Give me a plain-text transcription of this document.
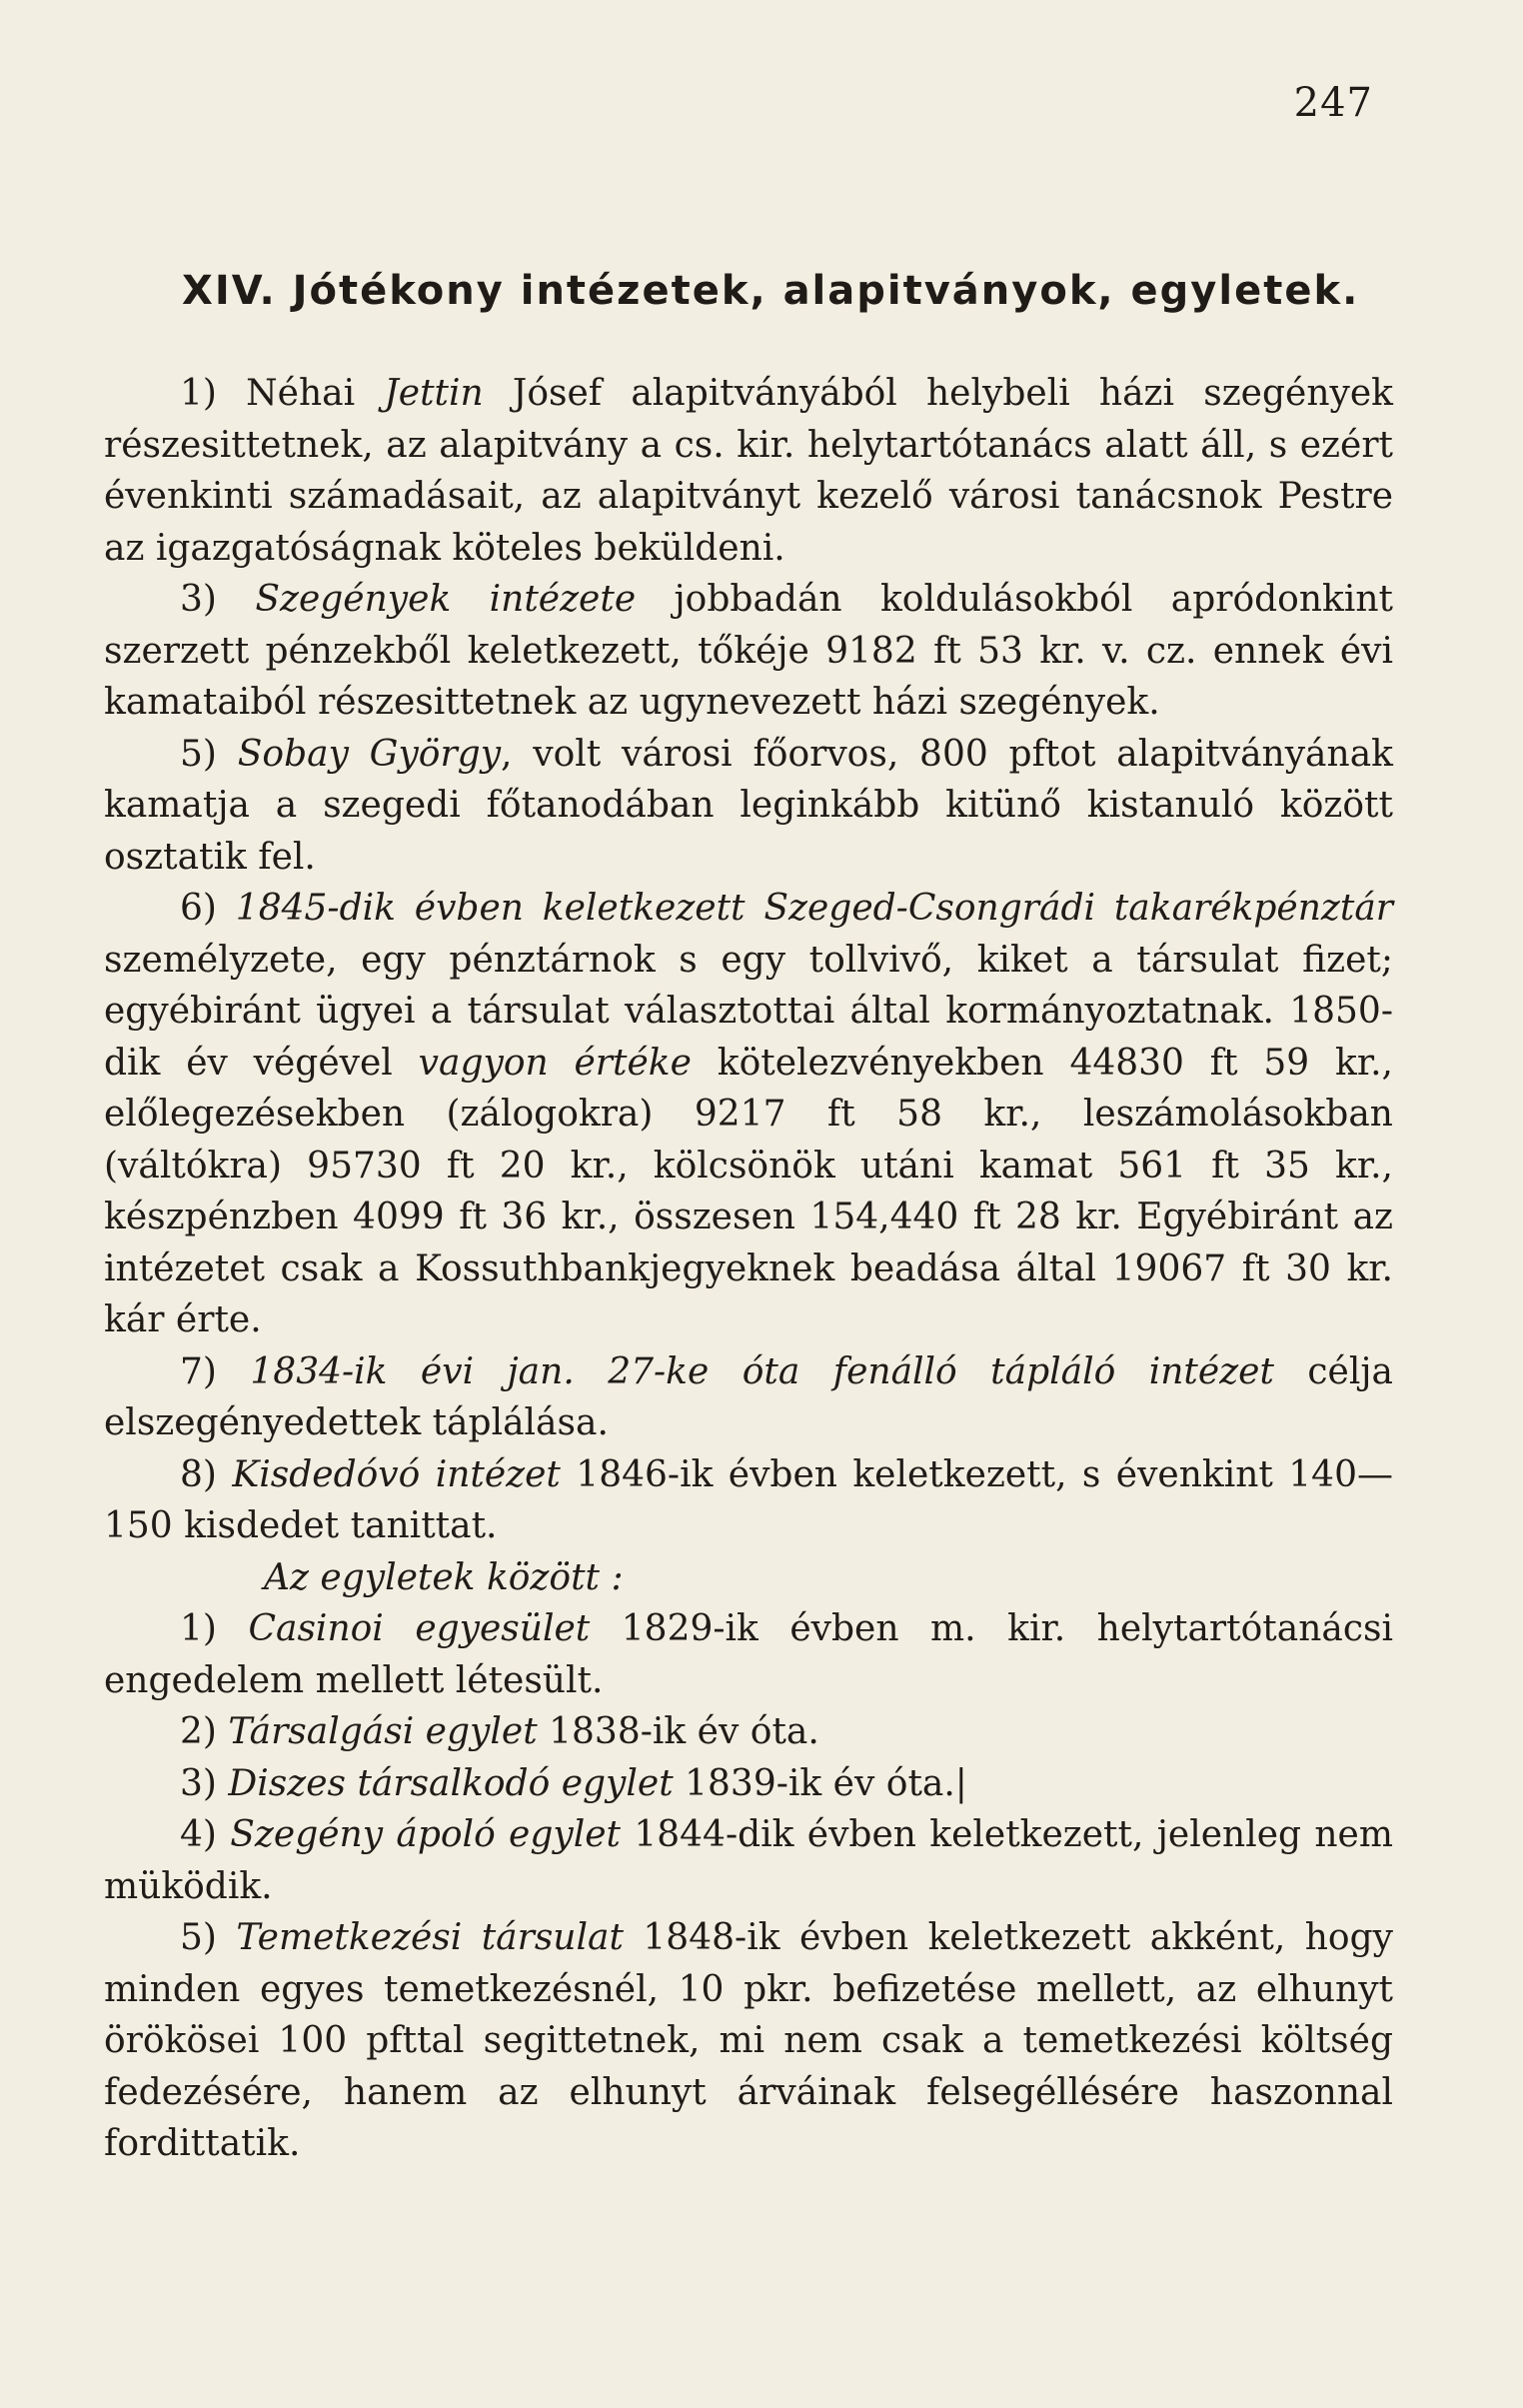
247
XIV. Jótékony intézetek, alapitványok, egyletek.

1) Néhai Jettin Jósef alapitványából helybeli házi szegények részesittetnek, az alapitvány a cs. kir. helytartótanács alatt áll, s ezért évenkinti számadásait, az alapitványt kezelő városi tanácsnok Pestre az igazgatóságnak köteles beküldeni.

3) Szegények intézete jobbadán koldulásokból apródonkint szerzett pénzekből keletkezett, tőkéje 9182 ft 53 kr. v. cz. ennek évi kamataiból részesittetnek az ugynevezett házi szegények.

5) Sobay György, volt városi főorvos, 800 pftot alapitványának kamatja a szegedi főtanodában leginkább kitünő kistanuló között osztatik fel.

6) 1845-dik évben keletkezett Szeged-Csongrádi takarékpénztár személyzete, egy pénztárnok s egy tollvivő, kiket a társulat fizet; egyébiránt ügyei a társulat választottai által kormányoztatnak. 1850-dik év végével vagyon értéke kötelezvényekben 44830 ft 59 kr., előlegezésekben (zálogokra) 9217 ft 58 kr., leszámolásokban (váltókra) 95730 ft 20 kr., kölcsönök utáni kamat 561 ft 35 kr., készpénzben 4099 ft 36 kr., összesen 154,440 ft 28 kr. Egyébiránt az intézetet csak a Kossuthbankjegyeknek beadása által 19067 ft 30 kr. kár érte.

7) 1834-ik évi jan. 27-ke óta fenálló tápláló intézet célja elszegényedettek táplálása.

8) Kisdedóvó intézet 1846-ik évben keletkezett, s évenkint 140—150 kisdedet tanittat.

Az egyletek között :

1) Casinoi egyesület 1829-ik évben m. kir. helytartótanácsi engedelem mellett létesült.

2) Társalgási egylet 1838-ik év óta.

3) Diszes társalkodó egylet 1839-ik év óta.|

4) Szegény ápoló egylet 1844-dik évben keletkezett, jelenleg nem müködik.

5) Temetkezési társulat 1848-ik évben keletkezett akként, hogy minden egyes temetkezésnél, 10 pkr. befizetése mellett, az elhunyt örökösei 100 pfttal segittetnek, mi nem csak a temetkezési költség fedezésére, hanem az elhunyt árváinak felsegéllésére haszonnal fordittatik.
